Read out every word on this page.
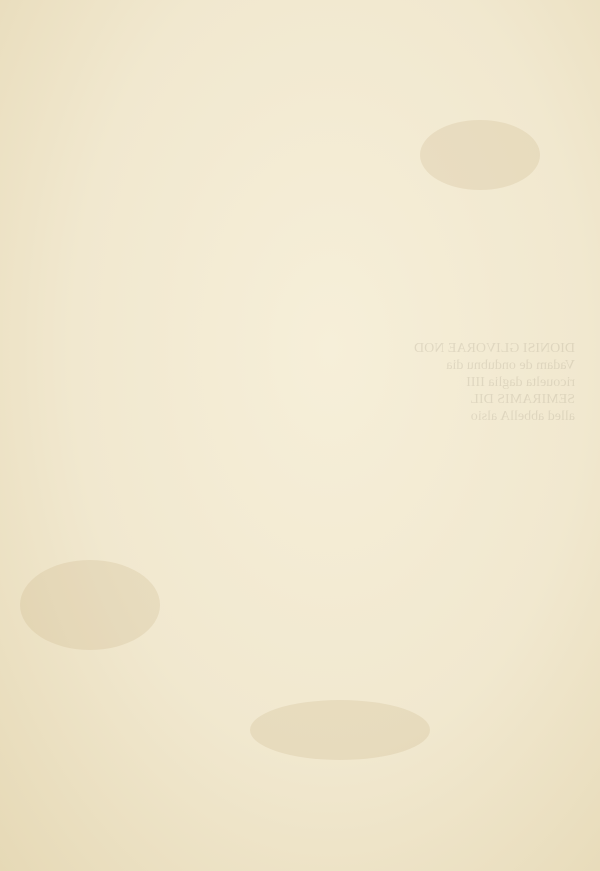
DIONISI GLIVORAE NOD
Vadam de ondubnu dia
ricouelta daglia IIII
SEMIRAMIS DIL
alled abbellA alsio
